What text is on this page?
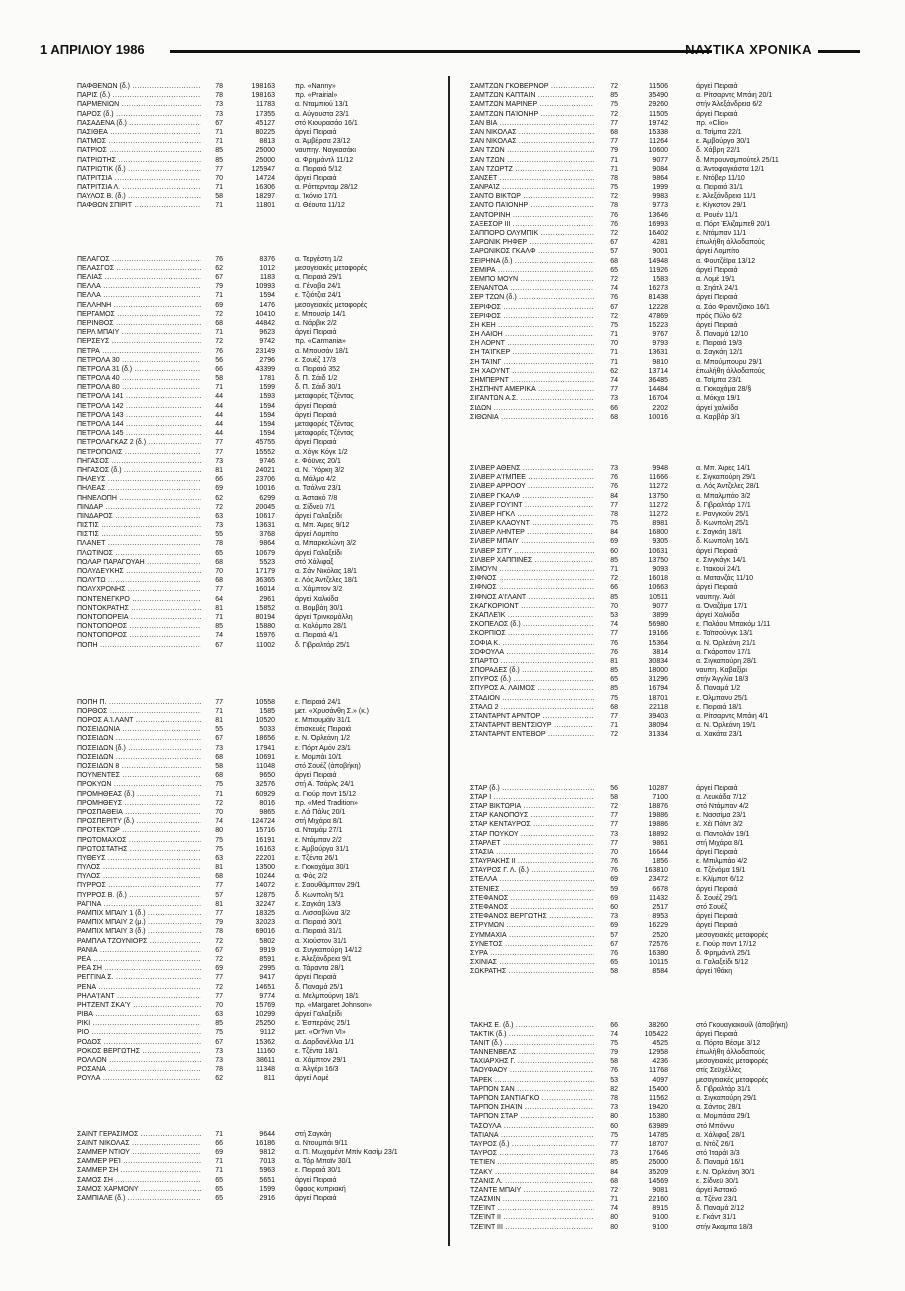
1 ΑΠΡΙΛΙΟΥ 1986	ΝΑΥΤΙΚΑ ΧΡΟΝΙΚΑ
ΠΑΦΘΕΝΩΝ (δ.) .....	78	198163	πρ. «Nanny»
ΠΑΡΙΣ (δ.) .....	78	198163	πρ. «Prairial»
ΠΑΡΜΕΝΙΩΝ .....	73	11783	α. Νταμπιού 13/1
ΠΑΡΟΣ (δ.) .....	73	17355	α. Αύγουστα 23/1
ΠΑΣΑΔΕΝΑ (δ.) .....	67	45127	στό Κιουρασάο 16/1
ΠΑΣΙΘΕΑ .....	71	80225	άργεί Πειραιά
ΠΑΤΜΟΣ .....	71	8813	α. Άμβέρσα 23/12
ΠΑΤΡΙΟΣ .....	85	25000	ναυπηγ. Ναγκασάκι
ΠΑΤΡΙΩΤΗΣ .....	85	25000	α. Φρημάντλ 11/12
ΠΑΤΡΙΩΤΙΚ (δ.) .....	77	125947	α. Πειραιά 5/12
ΠΑΤΡΙΤΣΙΑ .....	70	14724	άργεί Πειραιά
ΠΑΤΡΙΤΣΙΑ Λ. .....	71	16306	α. Ρόττερνταμ 28/12
ΠΑΥΛΟΣ Β. (δ.) .....	58	18297	α. Ίκόνιο 17/1
ΠΑΦΘΩΝ ΣΠΙΡΙΤ .....	71	11801	α. Θέουτα 11/12
ΠΕΛΑΓΟΣ .....	76	8376	α. Τεργέστη 1/2
ΠΕΛΑΣΓΟΣ .....	62	1012	μεσογειακές μεταφορές
ΠΕΛΙΑΣ .....	67	1183	α. Πειραιά 29/1
ΠΕΛΛΑ .....	79	10993	α. Γένοβα 24/1
ΠΕΛΛΑ .....	71	1594	ε. Τζιότζια 24/1
ΠΕΛΛΗΝΗ .....	69	1476	μεσογειακές μεταφορές
ΠΕΡΓΑΜΟΣ .....	72	10410	ε. Μπουσίρ 14/1
ΠΕΡΙΝΘΟΣ .....	68	44842	α. Νάρβικ 2/2
ΠΕΡΛ ΜΠΑΙΥ .....	71	9623	άργεί Πειραιά
ΠΕΡΣΕΥΣ .....	72	9742	πρ. «Carmania»
ΠΕΤΡΑ .....	76	23149	α. Μπουσάν 18/1
ΠΕΤΡΟΛΑ 30 .....	56	2796	ε. Σουέζ 17/3
ΠΕΤΡΟΛΑ 31 (δ.) .....	66	43399	α. Πειραιά 352
ΠΕΤΡΟΛΑ 40 .....	58	1781	δ. Π. Σάιδ 1/2
ΠΕΤΡΟΛΑ 80 .....	71	1599	δ. Π. Σάιδ 30/1
ΠΕΤΡΟΛΑ 141 .....	44	1593	μεταφορές Τζέντας
ΠΕΤΡΟΛΑ 142 .....	44	1594	άργεί Πειραιά
ΠΕΤΡΟΛΑ 143 .....	44	1594	άργεί Πειραιά
ΠΕΤΡΟΛΑ 144 .....	44	1594	μεταφορές Τζέντας
ΠΕΤΡΟΛΑ 145 .....	44	1594	μεταφορές Τζέντας
ΠΕΤΡΟΛΑΓΚΑΖ 2 (δ.) .....	77	45755	άργεί Πειραιά
ΠΕΤΡΟΠΟΛΙΣ .....	77	15552	α. Χόγκ Κόγκ 1/2
ΠΗΓΑΣΟΣ .....	73	9746	ε. Φόϋνες 20/1
ΠΗΓΑΣΟΣ (δ.) .....	81	24021	α. Ν. Ύόρκη 3/2
ΠΗΛΕΥΣ .....	66	23706	α. Μάλμο 4/2
ΠΗΛΕΑΣ .....	69	10016	α. Τσάλνα 23/1
ΠΗΝΕΛΟΠΗ .....	62	6299	α. Άστακό 7/8
ΠΙΝΔΑΡ .....	72	20045	α. Σίδνεϋ 7/1
ΠΙΝΔΑΡΟΣ .....	63	10617	άργεί Γαλαξείδι
ΠΙΣΤΙΣ .....	73	13631	α. Μπ. Άιρες 9/12
ΠΙΣΤΙΣ .....	55	3768	άργεί Λομπίτο
ΠΛΑΝΕΤ .....	78	9864	α. Μπαρκελώνη 3/2
ΠΛΩΤΙΝΟΣ .....	65	10679	άργεί Γαλαξείδι
ΠΟΛΑΡ ΠΑΡΑΓΟΥΑΗ .....	68	5523	στό Χάλιφαξ
ΠΟΛΥΔΕΥΚΗΣ .....	70	17179	α. Σάν Νικόλας 18/1
ΠΟΛΥΤΩ .....	68	36365	ε. Λός Άντζελες 18/1
ΠΟΛΥΧΡΟΝΗΣ .....	77	16014	α. Χάμπτον 3/2
ΠΟΝΤΕΝΕΓΚΡΟ .....	64	2961	άργεί Χαλκίδα
ΠΟΝΤΟΚΡΑΤΗΣ .....	81	15852	α. Βομβάη 30/1
ΠΟΝΤΟΠΟΡΕΙΑ .....	71	80194	άργεί Τρινκομάλλη
ΠΟΝΤΟΠΟΡΟΣ .....	85	15880	α. Κολόμπο 28/1
ΠΟΝΤΟΠΟΡΟΣ .....	74	15976	α. Πειραιά 4/1
ΠΟΠΗ .....	67	11002	δ. Γιβραλτάρ 25/1
ΠΟΠΗ Π. .....	77	10558	ε. Πειραιά 24/1
ΠΟΡΘΟΣ .....	71	1585	μετ. «Χρυσάνθη Σ.» (κ.)
ΠΟΡΟΣ Α.Ί.ΛΑΝΤ .....	81	10520	ε. Μπιουμάϊν 31/1
ΠΟΣΕΙΔΩΝΙΑ .....	55	5033	έπισκευές Πειραιά
ΠΟΣΕΙΔΩΝ .....	67	18656	ε. Ν. Όρλεάνη 1/2
ΠΟΣΕΙΔΩΝ (δ.) .....	73	17941	ε. Πόρτ Αμόν 23/1
ΠΟΣΕΙΔΩΝ .....	68	10691	ε. Μομπάι 10/1
ΠΟΣΕΙΔΩΝ 8 .....	58	11048	στό Σουέζ (άποβήκη)
ΠΟΥΝΕΝΤΕΣ .....	68	9650	άργεί Πειραιά
ΠΡΟΚΥΩΝ .....	75	32576	στή Α. Τσάρλς 24/1
ΠΡΟΜΗΘΕΑΣ (δ.) .....	71	60929	α. Γιούρ ποντ 15/12
ΠΡΟΜΗΘΕΥΣ .....	72	8016	πρ. «Med Tradition»
ΠΡΟΣΠΑΘΕΙΑ .....	70	9865	ε. Λά Πάλις 20/1
ΠΡΟΣΠΕΡΙΤΥ (δ.) .....	74	124724	στή Μιχάρα 8/1
ΠΡΟΤΕΚΤΩΡ .....	80	15716	α. Νταμάμ 27/1
ΠΡΩΤΟΜΑΧΟΣ .....	75	16191	ε. Ντάμπαν 2/2
ΠΡΩΤΟΣΤΑΤΗΣ .....	75	16163	ε. Άμβούργο 31/1
ΠΥΘΕΥΣ .....	63	22201	ε. Τζέντα 26/1
ΠΥΛΟΣ .....	81	13500	ε. Γιοκοχάμα 30/1
ΠΥΛΟΣ .....	68	10244	α. Φός 2/2
ΠΥΡΡΟΣ .....	77	14072	ε. Σαουθάμπτον 29/1
ΠΥΡΡΟΣ Β. (δ.) .....	57	12875	δ. Κωνπολη 5/1
ΡΑΓΙΝΑ .....	81	32247	ε. Σαγκάη 13/3
ΡΑΜΠΙΧ ΜΠΑΙΥ 1 (δ.) .....	77	18325	α. Λισσαβώνα 3/2
ΡΑΜΠΙΧ ΜΠΑΙΥ 2 (μ.) .....	79	32023	α. Πειραιά 30/1
ΡΑΜΠΙΧ ΜΠΑΙΥ 3 (δ.) .....	78	69016	α. Πειραιά 31/1
ΡΑΜΠΛΑ ΤΖΟΥΝΙΟΡΣ .....	72	5802	α. Χιούστον 31/1
ΡΑΝΙΑ .....	67	9919	α. Συγκαπούρη 14/12
ΡΕΑ .....	72	8591	ε. Άλεξάνδρεια 9/1
ΡΕΑ ΣΗ .....	69	2995	α. Τάραντα 28/1
ΡΕΓΓΙΝΑ Σ. .....	77	9417	άργεί Πειραιά
ΡΕΝΑ .....	72	14651	δ. Παναμά 25/1
ΡΗΛΑ'Ι'ΑΝΤ .....	77	9774	α. Μελμπούρνη 18/1
ΡΗΤΖΕΝΤ ΣΚΑ'Υ .....	70	15769	πρ. «Margaret Johnson»
ΡΙΒΑ .....	63	10299	άργεί Γαλαξείδι
ΡΙΚΙ .....	85	25250	ε. Έσπεράνς 25/1
ΡΙΟ .....	75	9112	μετ. «Or?ivn VI»
ΡΟΔΟΣ .....	67	15362	α. Δαρδανέλλια 1/1
ΡΟΚΟΣ ΒΕΡΓΩΤΗΣ .....	73	11160	ε. Τζέντα 18/1
ΡΟΛΛΟΝ .....	73	38611	α. Χάμπτον 29/1
ΡΟΣΑΝΑ .....	78	11348	α. Άλγέρι 16/3
ΡΟΥΛΑ .....	62	811	άργεί Λομέ
ΣΑΙΝΤ ΓΕΡΑΣΙΜΟΣ .....	71	9644	στή Σαγκάη
ΣΑΙΝΤ ΝΙΚΟΛΑΣ .....	66	16186	α. Ντουμπάι 9/11
ΣΑΜΜΕΡ ΝΤΙΟΥ .....	69	9812	α. Π. Μωχαμέντ Μπίν Κασίμ 23/1
ΣΑΜΜΕΡ ΡΕΊ .....	71	7013	α. Τόρ Μπαϊν 30/1
ΣΑΜΜΕΡ ΣΗ .....	71	5963	ε. Πειραιά 30/1
ΣΑΜΟΣ ΣΗ .....	65	5651	άργεί Πειραιά
ΣΑΜΟΣ ΧΑΡΜΟΝΥ .....	65	1599	ΰφαος κυπριακή
ΣΑΜΠΙΑΛΕ (δ.) .....	65	2916	άργεί Πειραιά
ΣΑΜΤΖΩΝ ΓΚΟΒΕΡΝΟΡ .....	72	11506	άργεί Πειραιά
ΣΑΜΤΖΩΝ ΚΑΠΤΑΙΝ .....	85	35490	α. Ρίτσαρντς Μπάιη 20/1
ΣΑΜΤΖΩΝ ΜΑΡΙΝΕΡ .....	75	29260	στήν Άλεξάνδρεια 6/2
ΣΑΜΤΖΩΝ ΠΑΊΟΝΗΡ .....	72	11505	άργεί Πειραιά
ΣΑΝ ΒΙΑ .....	77	19742	πρ. «Clio»
ΣΑΝ ΝΙΚΟΛΑΣ .....	68	15338	α. Τσίμπα 22/1
ΣΑΝ ΝΙΚΟΛΑΣ .....	77	11264	ε. Άμβούργο 30/1
ΣΑΝ ΤΖΩΝ .....	79	10600	δ. Χάβρη 22/1
ΣΑΝ ΤΖΩΝ .....	71	9077	δ. Μπρουνσμπούτελ 25/11
ΣΑΝ ΤΖΩΡΤΖ .....	71	9084	α. Άντοφαγκάστα 12/1
ΣΑΝΣΕΤ .....	78	9864	ε. Ντόβερ 11/10
ΣΑΝΡΑΊΖ .....	75	1999	α. Πειραιά 31/1
ΣΑΝΤΟ ΒΙΚΤΩΡ .....	72	9983	ε. Άλεξάνδρεια 11/1
ΣΑΝΤΟ ΠΑΊΟΝΗΡ .....	78	9773	ε. Κίγκστον 29/1
ΣΑΝΤΟΡΙΝΗ .....	76	13646	α. Ρουέν 11/1
ΣΑΞΕΣΟΡ ΙΙΙ .....	76	16993	α. Πόρτ Έλιζαμπεθ 20/1
ΣΑΠΠΟΡΟ ΟΛΥΜΠΙΚ .....	72	16402	ε. Ντάμπαν 11/1
ΣΑΡΩΝΙΚ ΡΗΦΕΡ .....	67	4281	έπωλήθη άλλοδαπούς
ΣΑΡΩΝΙΚΟΣ ΓΚΑΛΦ .....	57	9001	άργεί Λομπίτο
ΣΕΙΡΗΝΑ (δ.) .....	68	14948	α. Φουτζέϊρα 13/12
ΣΕΜΙΡΑ .....	65	11926	άργεί Πειραιά
ΣΕΜΠΟ ΜΟΥΝ .....	72	1583	α. Λομέ 19/1
ΣΕΝΑΝΤΟΑ .....	74	16273	α. Σηάτλ 24/1
ΣΕΡ ΤΖΩΝ (δ.) .....	76	81438	άργεί Πειραιά
ΣΕΡΙΦΟΣ .....	67	12228	α. Σάο Φραντζίσκο 16/1
ΣΕΡΙΦΟΣ .....	72	47869	πρός Πύλο 6/2
ΣΗ ΚΕΗ .....	75	15223	άργεί Πειραιά
ΣΗ ΛΑΙΟΗ .....	71	9767	δ. Παναμά 12/10
ΣΗ ΛΟΡΝΤ .....	70	9793	ε. Πειραιά 19/3
ΣΗ ΤΑΊΓΚΕΡ .....	71	13631	α. Σαγκάη 12/1
ΣΗ ΤΑΊΝΓ .....	71	9810	α. Μπούμπουρυ 29/1
ΣΗ ΧΑΟΥΝΤ .....	62	13714	έπωλήθη άλλοδαπούς
ΣΗΜΠΕΡΝΤ .....	74	36485	α. Τσίμπα 23/1
ΣΗΣΠΗΝΤ ΑΜΕΡΙΚΑ .....	77	14484	α. Γιοκοχάμα 28/§
ΣΙΓΑΝΤΩΝ Α.Σ. .....	73	16704	α. Μόκχα 19/1
ΣΙΔΩΝ .....	66	2202	άργεί χαλκίδα
ΣΙΘΩΝΙΑ .....	68	10016	α. Καρβάρ 3/1
ΣΙΛΒΕΡ ΑΘΕΝΣ .....	73	9948	α. Μπ. Άιρες 14/1
ΣΙΛΒΕΡ Α'Ι'ΜΠΕΕ .....	76	11666	ε. Σιγκαπούρη 29/1
ΣΙΛΒΕΡ ΑΡΡΟΟΥ .....	76	11272	α. Λός Άντζελες 28/1
ΣΙΛΒΕΡ ΓΚΑΛΦ .....	84	13750	α. Μπαλμπάο 3/2
ΣΙΛΒΕΡ ΓΟΥΊΝΤ .....	77	11272	δ. Γιβραλτάρ 17/1
ΣΙΛΒΕΡ ΗΓΚΛ .....	78	11272	ε. Ρανγκούν 25/1
ΣΙΛΒΕΡ ΚΛΑΟΥΝΤ .....	75	8981	δ. Κωνπολη 25/1
ΣΙΛΒΕΡ ΛΗΝΤΕΡ .....	84	16800	ε. Σαγκάη 18/1
ΣΙΛΒΕΡ ΜΠΑΙΥ .....	69	9305	δ. Κωνπολη 16/1
ΣΙΛΒΕΡ ΣΙΤΥ .....	60	10631	άργεί Πειραιά
ΣΙΛΒΕΡ ΧΑΠΠΙΝΕΣ .....	85	13750	ε. Σινγκάγκ 14/1
ΣΙΜΟΥΝ .....	71	9093	ε. Ίτακουί 24/1
ΣΙΦΝΟΣ .....	72	16018	α. Ματανζάς 11/10
ΣΙΦΝΟΣ .....	66	10663	άργεί Πειραιά
ΣΙΦΝΟΣ Α'Ι'ΛΑΝΤ .....	85	10511	ναυπηγ. Άιόϊ
ΣΚΑΓΚΟΡΙΟΝΤ .....	70	9077	α. Όναζάμα 17/1
ΣΚΑΠΛΕΊΚ .....	53	3899	άργεί Χαλκίδα
ΣΚΟΠΕΛΟΣ (δ.) .....	74	56980	ε. Παλάου Μπακόμ 1/11
ΣΚΟΡΠΙΟΣ .....	77	19166	ε. Ταϊτσούνγκ 13/1
ΣΟΦΙΑ Κ. .....	76	15364	α. Ν. Όρλεάνη 21/1
ΣΟΦΟΥΛΑ .....	76	3814	α. Γκάροπον 17/1
ΣΠΑΡΤΟ .....	81	30834	α. Σιγκαπούρη 28/1
ΣΠΟΡΑΔΕΣ (δ.) .....	85	18000	ναυπη. Καβαξίρι
ΣΠΥΡΟΣ (δ.) .....	65	31296	στήν Άγγλία 18/3
ΣΠΥΡΟΣ Α. ΛΑΙΜΟΣ .....	85	16794	δ. Παναμά 1/2
ΣΤΑΔΙΟΝ .....	75	18701	ε. Όλμπανυ 25/1
ΣΤΑΛΩ 2 .....	68	22118	ε. Πειραιά 18/1
ΣΤΑΝΤΑΡΝΤ ΑΡΝΤΟΡ .....	77	39403	α. Ρίτσαρντς Μπάιη 4/1
ΣΤΑΝΤΑΡΝΤ ΒΕΝΤΣΙΟΥΡ .....	71	38094	α. Ν. Όρλεάνη 19/1
ΣΤΑΝΤΑΡΝΤ ΕΝΤΕΒΟΡ .....	72	31334	α. Χακάτα 23/1
ΣΤΑΡ (δ.) .....	56	10287	άργεί Πειραιά
ΣΤΑΡ Ι .....	58	7100	α. Λευκάδα 7/12
ΣΤΑΡ ΒΙΚΤΩΡΙΑ .....	72	18876	στό Ντάμπαν 4/2
ΣΤΑΡ ΚΑΝΟΠΟΥΣ .....	77	19886	ε. Νασσίμα 23/1
ΣΤΑΡ ΚΕΝΤΑΥΡΟΣ .....	77	19886	ε. Χέϊ Πόϊντ 3/2
ΣΤΑΡ ΠΟΥΚΟΥ .....	73	18892	α. Παντολάν 19/1
ΣΤΑΡΛΕΤ .....	77	9861	στή Μιχάρα 8/1
ΣΤΑΣΙΑ .....	70	16644	άργεί Πειραιά
ΣΤΑΥΡΑΚΗΣ ΙΙ .....	76	1856	ε. Μπιλμπάο 4/2
ΣΤΑΥΡΟΣ Γ. Λ. (δ.) .....	76	163810	α. Τζένόμα 19/1
ΣΤΕΛΛΑ .....	69	23472	ε. Κλίμποτ 6/12
ΣΤΕΝΙΕΣ .....	59	6678	άργεί Πειραιά
ΣΤΕΦΑΝΟΣ .....	69	11432	δ. Σουέζ 29/1
ΣΤΕΦΑΝΟΣ .....	60	2517	στό Σουέζ
ΣΤΕΦΑΝΟΣ ΒΕΡΓΩΤΗΣ .....	73	8953	άργεί Πειραιά
ΣΤΡΥΜΩΝ .....	69	16229	άργεί Πειραιά
ΣΥΜΜΑΧΙΑ .....	57	2520	μεσογειακές μεταφορές
ΣΥΝΕΤΟΣ .....	67	72576	ε. Γιούρ ποντ 17/12
ΣΥΡΑ .....	76	16380	δ. Φρημάντλ 25/1
ΣΧΙΝΙΑΣ .....	65	10115	α. Γαλαξείδι 5/12
ΣΩΚΡΑΤΗΣ .....	58	8584	άργεί Ίθάκη
ΤΑΚΗΣ Ε. (δ.) .....	66	38260	στό Γκουαγιακουίλ (άποβήκη)
ΤΑΚΤΙΚ (δ.) .....	74	105422	άργεί Πειραιά
ΤΑΝΙΤ (δ.) .....	75	4525	α. Πόρτο Βέσμε 3/12
ΤΑΝΝΕΝΒΕΛΣ .....	79	12958	έπωλήθη άλλοδαπούς
ΤΑΧΙΑΡΧΗΣ Γ. .....	58	4236	μεσογειακές μεταφορές
ΤΑΟΥΦΑΟΥ .....	76	11768	στίς Σεϋχέλλες
ΤΑΡΕΚ .....	53	4097	μεσογειακές μεταφορές
ΤΑΡΠΟΝ ΣΑΝ .....	82	15400	δ. Γιβραλτάρ 31/1
ΤΑΡΠΟΝ ΣΑΝΤΙΑΓΚΟ .....	78	11562	α. Σιγκαπούρη 29/1
ΤΑΡΠΟΝ ΣΗΑΊΝ .....	73	19420	α. Σάντος 28/1
ΤΑΡΠΟΝ ΣΤΑΡ .....	80	15380	α. Μομπάσα 29/1
ΤΑΣΟΥΛΑ .....	60	63989	στό Μπόννυ
ΤΑΤΙΑΝΑ .....	75	14785	α. Χάλιφαξ 28/1
ΤΑΥΡΟΣ (δ.) .....	77	18707	α. Ντόζ 26/1
ΤΑΥΡΟΣ .....	73	17646	στό Ίταράϊ 3/3
ΤΕΤΙΕΝ .....	85	25000	δ. Παναμά 16/1
ΤΖΑΚΥ .....	84	35209	ε. Ν. Όρλεάνη 30/1
ΤΖΑΝΙΣ Λ. .....	68	14569	ε. Σίδνεϋ 30/1
ΤΖΑΝΤΕ ΜΠΑΙΥ .....	72	9081	άργεί Άστακό
ΤΖΑΣΜΙΝ .....	71	22160	α. Τζένα 23/1
ΤΖΕΊΝΤ .....	74	8915	δ. Παναμά 2/12
ΤΖΕΊΝΤ ΙΙ .....	80	9100	ε. Γκάντ 31/1
ΤΖΕΊΝΤ ΙΙΙ .....	80	9100	στήν Άκαμπα 18/3
